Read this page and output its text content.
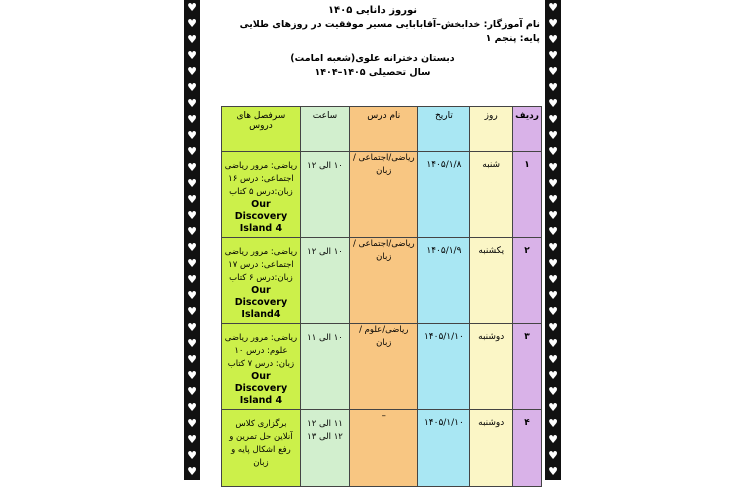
♥
♥
♥
♥
♥
♥
♥
♥
♥
♥
♥
♥
♥
♥
♥
♥
♥
♥
♥
♥
♥
♥
♥
♥
♥
♥
♥
♥
♥
♥
♥
♥
♥
♥
♥
♥
♥
♥
♥
♥
♥
♥
♥
♥
♥
♥
♥
♥
♥
♥
♥
♥
♥
♥
♥
♥
♥
♥
♥
♥
نوروز دانایی ۱۴۰۵
نام آموزگار: خدابخش–آقابابایی مسیر موفقیت در روزهای طلایی
پایه: پنجم ۱
دبستان دخترانه علوی(شعبه امامت)
سال تحصیلی ۱۴۰۵–۱۴۰۴
ردیف	روز	تاریخ	نام درس	ساعت	سرفصل های دروس
۱	شنبه	۱۴۰۵/۱/۸	ریاضی/اجتماعی /زبان	۱۰ الی ۱۲	ریاضی: مرور ریاضی
اجتماعی: درس ۱۶
زبان:درس ۵ کتاب
Our Discovery Island 4

۲	یکشنبه	۱۴۰۵/۱/۹	ریاضی/اجتماعی /زبان	۱۰ الی ۱۲	ریاضی: مرور ریاضی
اجتماعی: درس ۱۷
زبان:درس ۶ کتاب
Our Discovery Island4

۳	دوشنبه	۱۴۰۵/۱/۱۰	ریاضی/علوم /زبان	۱۰ الی ۱۱	ریاضی: مرور ریاضی
علوم: درس ۱۰
زبان: درس ۷ کتاب
Our Discovery Island 4

۴	دوشنبه	۱۴۰۵/۱/۱۰	–	۱۱ الی ۱۲ ۱۲ الی ۱۳	برگزاری کلاس
آنلاین حل تمرین و
رفع اشکال پایه و
زبان
